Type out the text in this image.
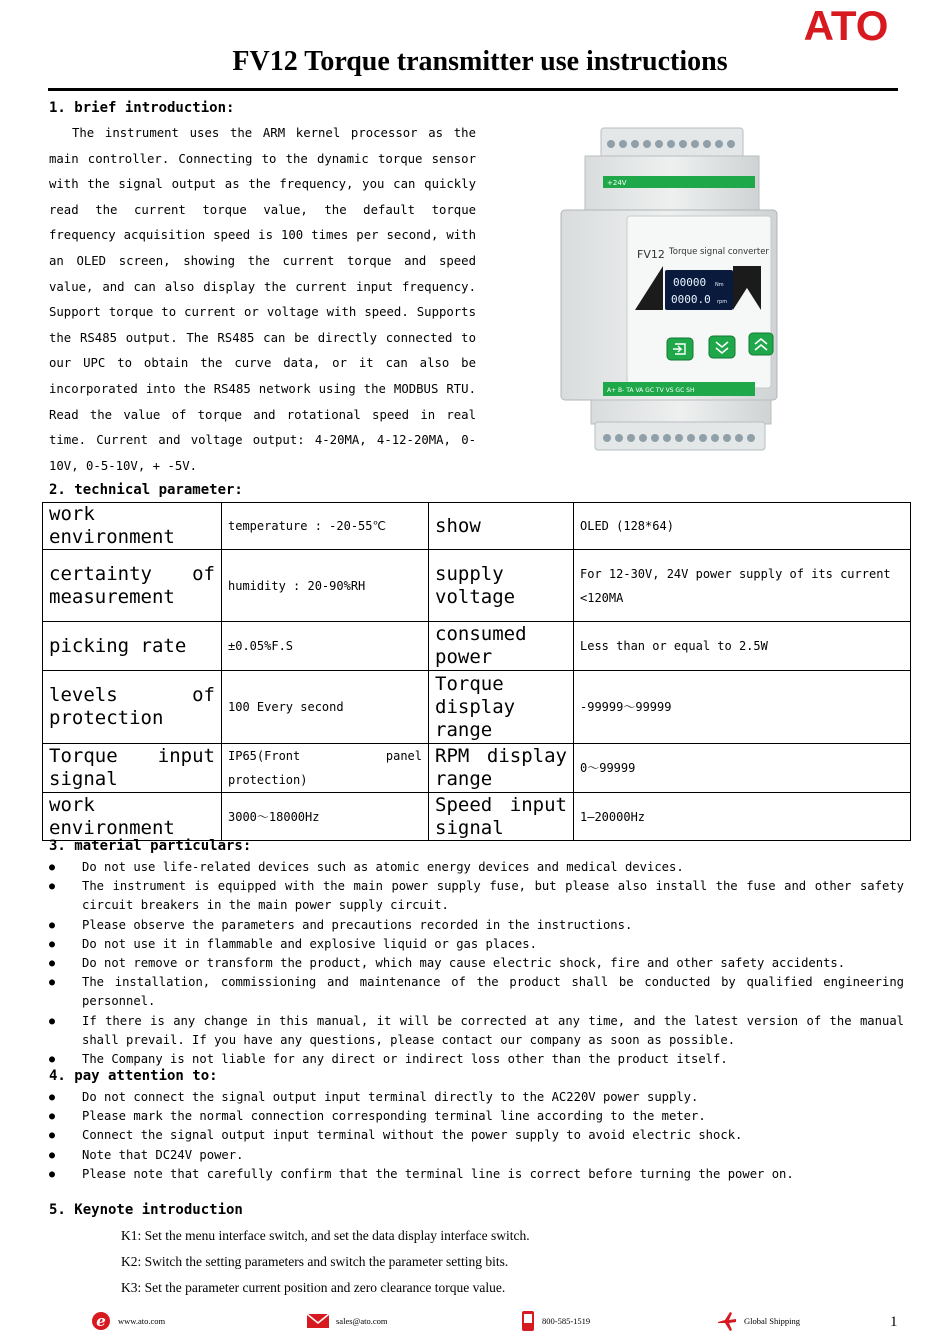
ATO
FV12 Torque transmitter use instructions
1. brief introduction:
The instrument uses the ARM kernel processor as the main controller. Connecting to the dynamic torque sensor with the signal output as the frequency, you can quickly read the current torque value, the default torque frequency acquisition speed is 100 times per second, with an OLED screen, showing the current torque and speed value, and can also display the current input frequency. Support torque to current or voltage with speed. Supports the RS485 output. The RS485 can be directly connected to our UPC to obtain the curve data, or it can also be incorporated into the RS485 network using the MODBUS RTU. Read the value of torque and rotational speed in real time. Current and voltage output: 4-20MA, 4-12-20MA, 0-10V, 0-5-10V, + -5V.
+24V
FV12 Torque signal converter
00000 Nm
0000.0 rpm
A+ B- TA VA GC TV VS GC SH
2. technical parameter:
work environment	temperature : -20-55℃	show	OLED (128*64)
certainty of measurement	humidity : 20-90%RH	supply voltage	For 12-30V, 24V power supply of its current <120MA
picking rate	±0.05%F.S	consumed power	Less than or equal to 2.5W
levels of protection	100 Every second	Torque display range	-99999～99999
Torque input signal	IP65(Front panel protection)	RPM display range	0～99999
work environment	3000～18000Hz	Speed input signal	1—20000Hz
3. material particulars:
● Do not use life-related devices such as atomic energy devices and medical devices.
● The instrument is equipped with the main power supply fuse, but please also install the fuse and other safety circuit breakers in the main power supply circuit.
● Please observe the parameters and precautions recorded in the instructions.
● Do not use it in flammable and explosive liquid or gas places.
● Do not remove or transform the product, which may cause electric shock, fire and other safety accidents.
● The installation, commissioning and maintenance of the product shall be conducted by qualified engineering personnel.
● If there is any change in this manual, it will be corrected at any time, and the latest version of the manual shall prevail. If you have any questions, please contact our company as soon as possible.
● The Company is not liable for any direct or indirect loss other than the product itself.
4. pay attention to:
● Do not connect the signal output input terminal directly to the AC220V power supply.
● Please mark the normal connection corresponding terminal line according to the meter.
● Connect the signal output input terminal without the power supply to avoid electric shock.
● Note that DC24V power.
● Please note that carefully confirm that the terminal line is correct before turning the power on.
5. Keynote introduction
K1: Set the menu interface switch, and set the data display interface switch.
K2: Switch the setting parameters and switch the parameter setting bits.
K3: Set the parameter current position and zero clearance torque value.
e www.ato.com	sales@ato.com	800-585-1519	Global Shipping	1
